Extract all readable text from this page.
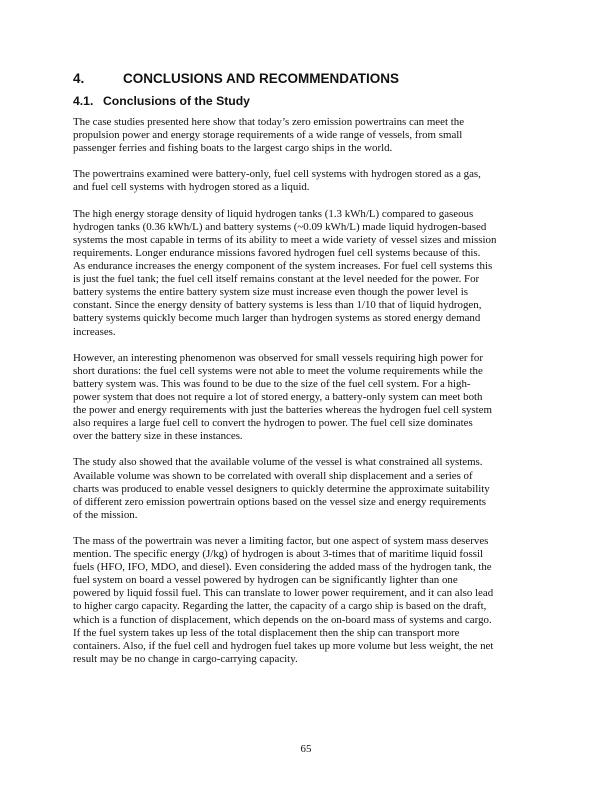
4.	CONCLUSIONS AND RECOMMENDATIONS
4.1. Conclusions of the Study

The case studies presented here show that today’s zero emission powertrains can meet the
propulsion power and energy storage requirements of a wide range of vessels, from small
passenger ferries and fishing boats to the largest cargo ships in the world.

The powertrains examined were battery-only, fuel cell systems with hydrogen stored as a gas,
and fuel cell systems with hydrogen stored as a liquid.

The high energy storage density of liquid hydrogen tanks (1.3 kWh/L) compared to gaseous
hydrogen tanks (0.36 kWh/L) and battery systems (~0.09 kWh/L) made liquid hydrogen-based
systems the most capable in terms of its ability to meet a wide variety of vessel sizes and mission
requirements. Longer endurance missions favored hydrogen fuel cell systems because of this.
As endurance increases the energy component of the system increases. For fuel cell systems this
is just the fuel tank; the fuel cell itself remains constant at the level needed for the power. For
battery systems the entire battery system size must increase even though the power level is
constant. Since the energy density of battery systems is less than 1/10 that of liquid hydrogen,
battery systems quickly become much larger than hydrogen systems as stored energy demand
increases.

However, an interesting phenomenon was observed for small vessels requiring high power for
short durations: the fuel cell systems were not able to meet the volume requirements while the
battery system was. This was found to be due to the size of the fuel cell system. For a high-
power system that does not require a lot of stored energy, a battery-only system can meet both
the power and energy requirements with just the batteries whereas the hydrogen fuel cell system
also requires a large fuel cell to convert the hydrogen to power. The fuel cell size dominates
over the battery size in these instances.

The study also showed that the available volume of the vessel is what constrained all systems.
Available volume was shown to be correlated with overall ship displacement and a series of
charts was produced to enable vessel designers to quickly determine the approximate suitability
of different zero emission powertrain options based on the vessel size and energy requirements
of the mission.

The mass of the powertrain was never a limiting factor, but one aspect of system mass deserves
mention. The specific energy (J/kg) of hydrogen is about 3-times that of maritime liquid fossil
fuels (HFO, IFO, MDO, and diesel). Even considering the added mass of the hydrogen tank, the
fuel system on board a vessel powered by hydrogen can be significantly lighter than one
powered by liquid fossil fuel. This can translate to lower power requirement, and it can also lead
to higher cargo capacity. Regarding the latter, the capacity of a cargo ship is based on the draft,
which is a function of displacement, which depends on the on-board mass of systems and cargo.
If the fuel system takes up less of the total displacement then the ship can transport more
containers. Also, if the fuel cell and hydrogen fuel takes up more volume but less weight, the net
result may be no change in cargo-carrying capacity.

65
